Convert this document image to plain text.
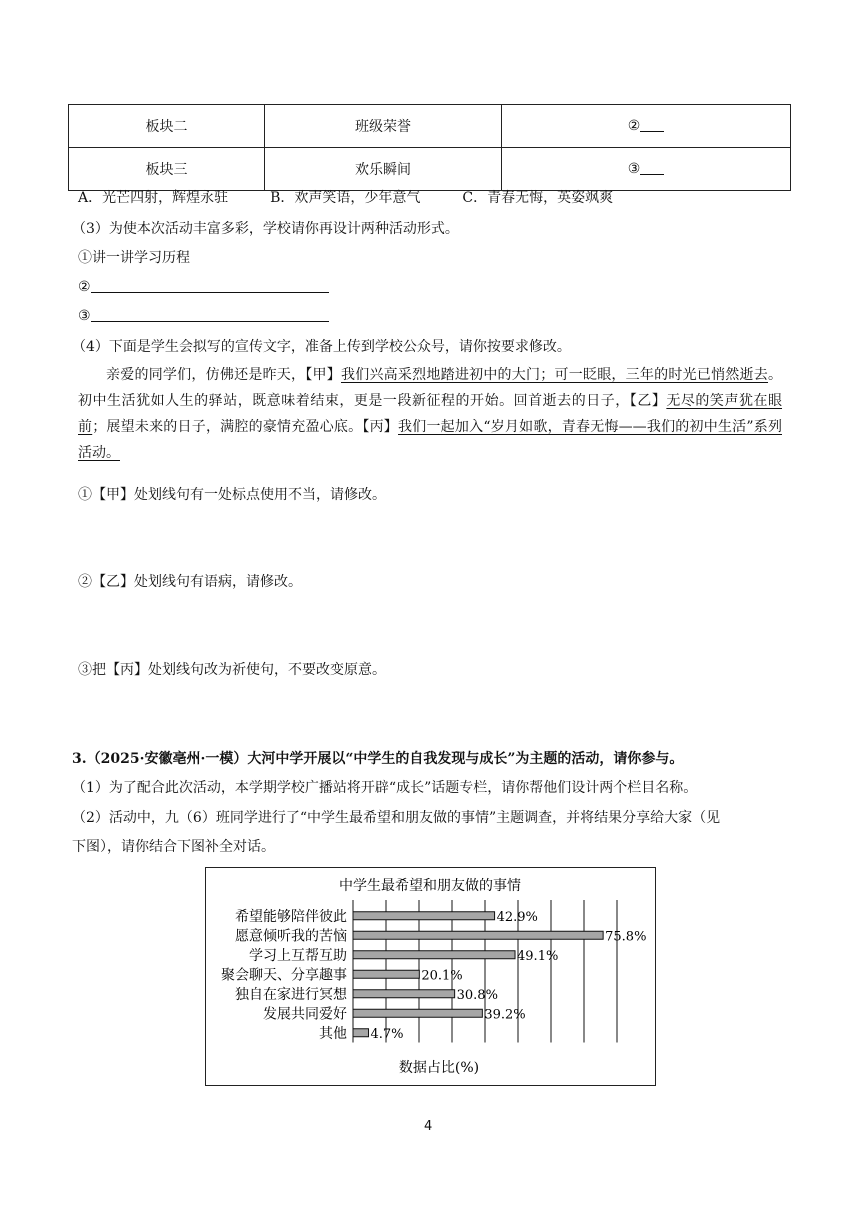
板块二	班级荣誉	②
板块三	欢乐瞬间	③
A．光芒四射，辉煌永驻　　　B．欢声笑语，少年意气　　　C．青春无悔，英姿飒爽
（3）为使本次活动丰富多彩，学校请你再设计两种活动形式。
①讲一讲学习历程
②
③
（4）下面是学生会拟写的宣传文字，准备上传到学校公众号，请你按要求修改。
亲爱的同学们，仿佛还是昨天，【甲】我们兴高采烈地踏进初中的大门；可一眨眼，三年的时光已悄然逝去。初中生活犹如人生的驿站，既意味着结束，更是一段新征程的开始。回首逝去的日子，【乙】无尽的笑声犹在眼前；展望未来的日子，满腔的豪情充盈心底。【丙】我们一起加入“岁月如歌，青春无悔——我们的初中生活”系列活动。
①【甲】处划线句有一处标点使用不当，请修改。
②【乙】处划线句有语病，请修改。
③把【丙】处划线句改为祈使句，不要改变原意。
3.（2025·安徽亳州·一模）大河中学开展以“中学生的自我发现与成长”为主题的活动，请你参与。
（1）为了配合此次活动，本学期学校广播站将开辟“成长”话题专栏，请你帮他们设计两个栏目名称。
（2）活动中，九（6）班同学进行了“中学生最希望和朋友做的事情”主题调查，并将结果分享给大家（见
下图），请你结合下图补全对话。
中学生最希望和朋友做的事情
数据占比(%)
希望能够陪伴彼此	42.9%
愿意倾听我的苦恼	75.8%
学习上互帮互助	49.1%
聚会聊天、分享趣事	20.1%
独自在家进行冥想	30.8%
发展共同爱好	39.2%
其他 4.7%
4
